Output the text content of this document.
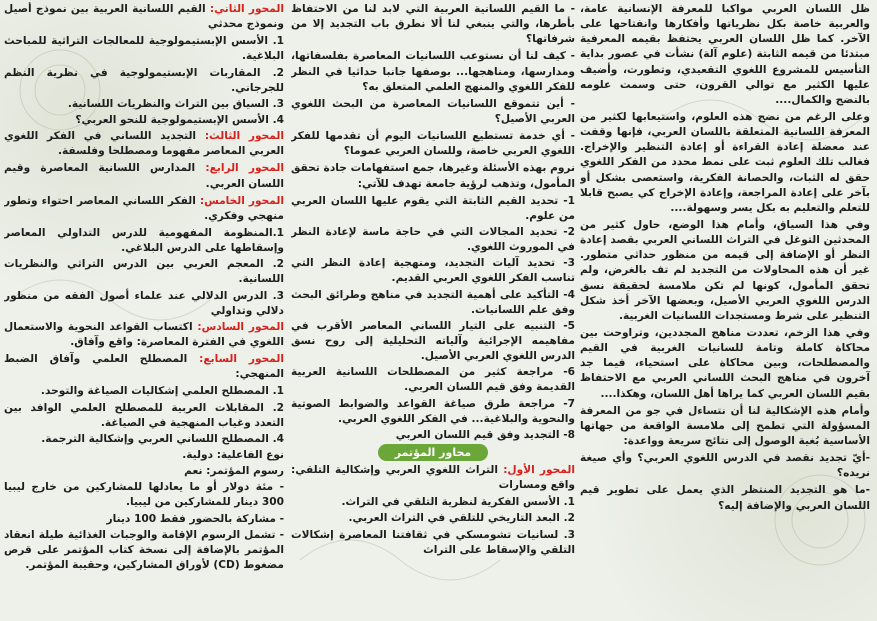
ظل اللسان العربي مواكبا للمعرفة الإنسانية عامة، والعربية خاصة بكل نظرياتها وأفكارها وانفتاحها على الآخر. كما ظل اللسان العربي يحتفظ بقيمه المعرفية مبتدئا من قيمه الثابتة (علوم آلة) نشأت في عصور بداية التأسيس للمشروع اللغوي التقعيدي، وتطورت، وأضيف عليها الكثير مع توالي القرون، حتى وسمت علومه بالنضج والكمال....

وعلى الرغم من نضج هذه العلوم، واستيعابها لكثير من المعرفة اللسانية المتعلقة باللسان العربي، فإنها وقفت عند معضلة إعادة القراءة أو إعادة التنظير والإخراج. فغالب تلك العلوم ثبت على نمط محدد من الفكر اللغوي حقق له الثبات، والحصانة الفكرية، واستعصى بشكل أو بآخر على إعادة المراجعة، وإعادة الإخراج كي يصبح قابلا للتعلم والتعليم به بكل يسر وسهولة....

وفي هذا السياق، وأمام هذا الوضع، حاول كثير من المحدثين التوغل في التراث اللساني العربي بقصد إعادة النظر أو الإضافة إلى قيمه من منظور حداثي متطور. غير أن هذه المحاولات من التجديد لم تف بالغرض، ولم تحقق المأمول، كونها لم تكن ملامسة لحقيقة نسق الدرس اللغوي العربي الأصيل، وبعضها الآخر أخذ شكل التنظير على شرط ومستجدات اللسانيات الغربية.

وفي هذا الزخم، تعددت مناهج المجددين، وتراوحت بين محاكاة كاملة وتامة للسانيات الغربية في القيم والمصطلحات، وبين محاكاة على استحياء، فيما جد آخرون في مناهج البحث اللساني العربي مع الاحتفاظ بقيم اللسان العربي كما يراها أهل اللسان، وهكذا....

وأمام هذه الإشكالية لنا أن نتساءل في جو من المعرفة المسؤولة التي تطمح إلى ملامسة الواقعة من جهاتها الأساسية بُغية الوصول إلى نتائج سريعة وواعدة:

-أيّ تجديد نقصد في الدرس اللغوي العربي؟ وأي صيغة نريده؟

-ما هو التجديد المنتظر الذي يعمل على تطوير قيم اللسان العربي والإضافة إليه؟

- ما القيم اللسانية العربية التي لابد لنا من الاحتفاظ بأطرها، والتي ينبغي لنا ألا نطرق باب التجديد إلا من شرفاتها؟

- كيف لنا أن نستوعب اللسانيات المعاصرة بفلسفاتها، ومدارسها، ومناهجها... بوصفها جانبا حداثيا في النظر للفكر اللغوي والمنهج العلمي المتعلق به؟

- أين تتموقع اللسانيات المعاصرة من البحث اللغوي العربي الأصيل؟

- أي خدمة تستطيع اللسانيات اليوم أن تقدمها للفكر اللغوي العربي خاصة، وللسان العربي عموما؟

نروم بهذه الأسئلة وغيرها، جمع استفهامات جادة تحقق المأمول، وتذهب لرؤية جامعة تهدف للآتي:

1- تحديد القيم الثابتة التي يقوم عليها اللسان العربي من علوم.
2- تحديد المجالات التي في حاجة ماسة لإعادة النظر في الموروث اللغوي.
3- تحديد آليات التجديد، ومنهجية إعادة النظر التي تناسب الفكر اللغوي العربي القديم.
4- التأكيد على أهمية التجديد في مناهج وطرائق البحث وفق علم اللسانيات.
5- التنبيه على التيار اللساني المعاصر الأقرب في مفاهيمه الإجرائية وآلياته التحليلية إلى روح نسق الدرس اللغوي العربي الأصيل.
6- مراجعة كثير من المصطلحات اللسانية العربية القديمة وفق قيم اللسان العربي.
7- مراجعة طرق صياغة القواعد والضوابط الصوتية والنحوية والبلاغية... في الفكر اللغوي العربي.
8- التجديد وفق قيم اللسان العربي
محاور المؤتمر

المحور الأول: التراث اللغوي العربي وإشكالية التلقي: واقع ومسارات

1. الأسس الفكرية لنظرية التلقي في التراث.
2. البعد التاريخي للتلقي في التراث العربي.
3. لسانيات تشومسكي في ثقافتنا المعاصرة إشكالات التلقي والإسقاط على التراث

المحور الثاني: القيم اللسانية العربية بين نموذج أصيل ونموذج محدثي

1. الأسس الإبستيمولوجية للمعالجات التراثية للمباحث البلاغية.
2. المقاربات الإبستيمولوجية في نظرية النظم للجرجاني.
3. السياق بين التراث والنظريات اللسانية.
4. الأسس الإبستيمولوجية للنحو العربي؟

المحور الثالث: التجديد اللساني في الفكر اللغوي العربي المعاصر مفهوما ومصطلحا وفلسفة.

المحور الرابع: المدارس اللسانية المعاصرة وقيم اللسان العربي.

المحور الخامس: الفكر اللساني المعاصر احتواء وتطور منهجي وفكري.

1.المنظومة المفهومية للدرس التداولي المعاصر وإسقاطها على الدرس البلاغي.
2. المعجم العربي بين الدرس التراثي والنظريات اللسانية.
3. الدرس الدلالي عند علماء أصول الفقه من منظور دلالي وتداولي

المحور السادس: اكتساب القواعد النحوية والاستعمال اللغوي في الفترة المعاصرة: واقع وآفاق.

المحور السابع: المصطلح العلمي وآفاق الضبط المنهجي:

1. المصطلح العلمي إشكاليات الصياغة والتوحد.
2. المقابلات العربية للمصطلح العلمي الوافد بين التعدد وغياب المنهجية في الصياغة.
4. المصطلح اللساني العربي وإشكالية الترجمة.
نوع الفاعلية: دولية.
رسوم المؤتمر: نعم
- مئة دولار أو ما يعادلها للمشاركين من خارج ليبيا 300 دينار للمشاركين من ليبيا.
- مشاركة بالحضور فقط 100 دينار
- تشمل الرسوم الإقامة والوجبات الغذائية طيلة انعقاد المؤتمر بالإضافة إلى نسخة كتاب المؤتمر على قرص مضغوط (CD) لأوراق المشاركين، وحقيبة المؤتمر.
